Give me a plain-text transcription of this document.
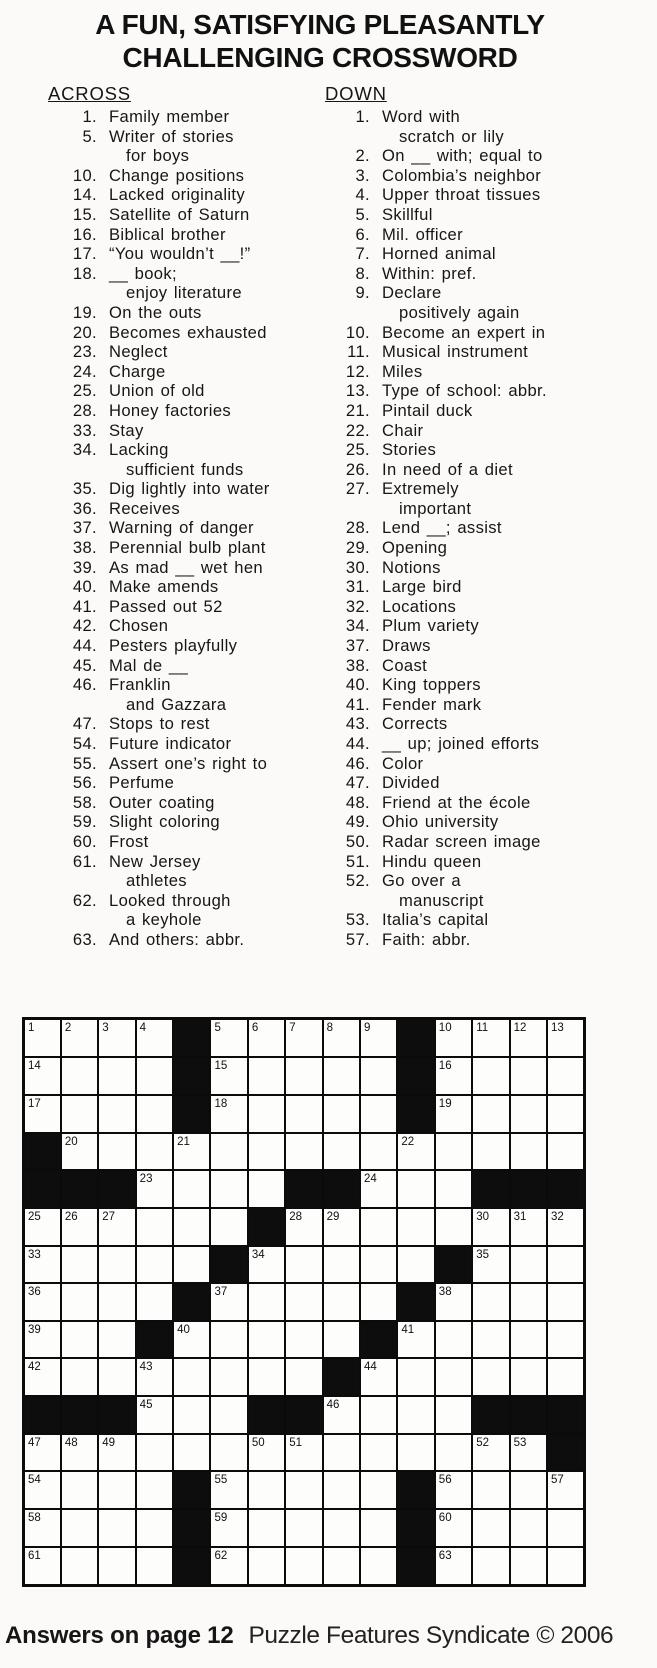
A FUN, SATISFYING PLEASANTLY
CHALLENGING CROSSWORD
ACROSS
1. Family member
5. Writer of stories
for boys
10. Change positions
14. Lacked originality
15. Satellite of Saturn
16. Biblical brother
17. “You wouldn’t __!”
18. __ book;
enjoy literature
19. On the outs
20. Becomes exhausted
23. Neglect
24. Charge
25. Union of old
28. Honey factories
33. Stay
34. Lacking
sufficient funds
35. Dig lightly into water
36. Receives
37. Warning of danger
38. Perennial bulb plant
39. As mad __ wet hen
40. Make amends
41. Passed out 52
42. Chosen
44. Pesters playfully
45. Mal de __
46. Franklin
and Gazzara
47. Stops to rest
54. Future indicator
55. Assert one’s right to
56. Perfume
58. Outer coating
59. Slight coloring
60. Frost
61. New Jersey
athletes
62. Looked through
a keyhole
63. And others: abbr.
DOWN
1. Word with
scratch or lily
2. On __ with; equal to
3. Colombia’s neighbor
4. Upper throat tissues
5. Skillful
6. Mil. officer
7. Horned animal
8. Within: pref.
9. Declare
positively again
10. Become an expert in
11. Musical instrument
12. Miles
13. Type of school: abbr.
21. Pintail duck
22. Chair
25. Stories
26. In need of a diet
27. Extremely
important
28. Lend __; assist
29. Opening
30. Notions
31. Large bird
32. Locations
34. Plum variety
37. Draws
38. Coast
40. King toppers
41. Fender mark
43. Corrects
44. __ up; joined efforts
46. Color
47. Divided
48. Friend at the école
49. Ohio university
50. Radar screen image
51. Hindu queen
52. Go over a
manuscript
53. Italia’s capital
57. Faith: abbr.
1	2	3	4		5	6	7	8	9		10	11	12	13

14					15						16			

17					18						19			

	20			21						22				

			23						24					

25	26	27					28	29				30	31	32

33						34						35		

36					37						38			

39				40						41				

42			43						44					

			45					46						

47	48	49				50	51					52	53	

54					55						56			57

58					59						60			

61					62						63			

Answers on page 12 Puzzle Features Syndicate © 2006
